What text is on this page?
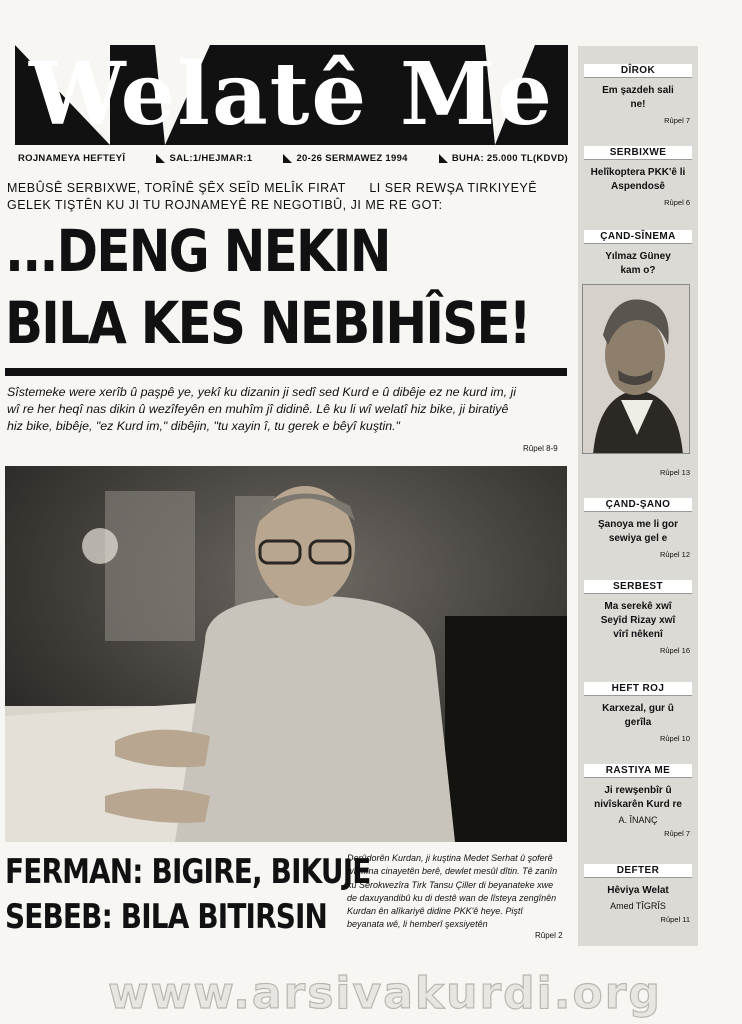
Welatê Me
ROJNAMEYA HEFTEYÎ	SAL:1/HEJMAR:1	20-26 SERMAWEZ 1994	BUHA: 25.000 TL(KDVD)
MEBÛSÊ SERBIXWE, TORÎNÊ ŞÊX SEÎD MELÎK FIRAT      LI SER REWŞA TIRKIYEYÊ
GELEK TIŞTÊN KU JI TU ROJNAMEYÊ RE NEGOTIBÛ, JI ME RE GOT:
...DENG NEKIN
BILA KES NEBIHÎSE!
Sîstemeke were xerîb û paşpê ye, yekî ku dizanin ji sedî sed Kurd e û dibêje ez ne kurd im, ji wî re her heqî nas dikin û wezîfeyên en muhîm jî didinê. Lê ku li wî welatî hiz bike, ji biratiyê hiz bike, bibêje, "ez Kurd im," dibêjin, "tu xayin î, tu gerek e bêyî kuştin."
Rûpel 8-9
FERMAN: BIGIRE, BIKUJE
SEBEB: BILA BITIRSIN
Derûdorên Kurdan, ji kuştina Medet Serhat û şoferê wî mîna cinayetên berê, dewlet mesûl dîtin. Tê zanîn ku Serokwezîra Tirk Tansu Çiller di beyanateke xwe de daxuyandibû ku di destê wan de lîsteya zengînên Kurdan ên alîkariyê didine PKK'ê heye. Piştî beyanata wê, li hemberî şexsiyetên
Rûpel 2
DÎROK
Em şazdeh sali ne!
Rûpel 7
SERBIXWE
Helîkoptera PKK'ê li Aspendosê
Rûpel 6
ÇAND-SÎNEMA
Yılmaz Güney kam o?
Rûpel 13
ÇAND-ŞANO
Şanoya me li gor sewiya gel e
Rûpel 12
SERBEST
Ma serekê xwî Seyîd Rizay xwî vîrî nêkenî
Rûpel 16
HEFT ROJ
Karxezal, gur û gerîla
Rûpel 10
RASTIYA ME
Ji rewşenbîr û nivîskarên Kurd re
A. ÎNANÇ
Rûpel 7
DEFTER
Hêviya Welat
Amed TÎGRÎS
Rûpel 11
www.arsivakurdi.org
